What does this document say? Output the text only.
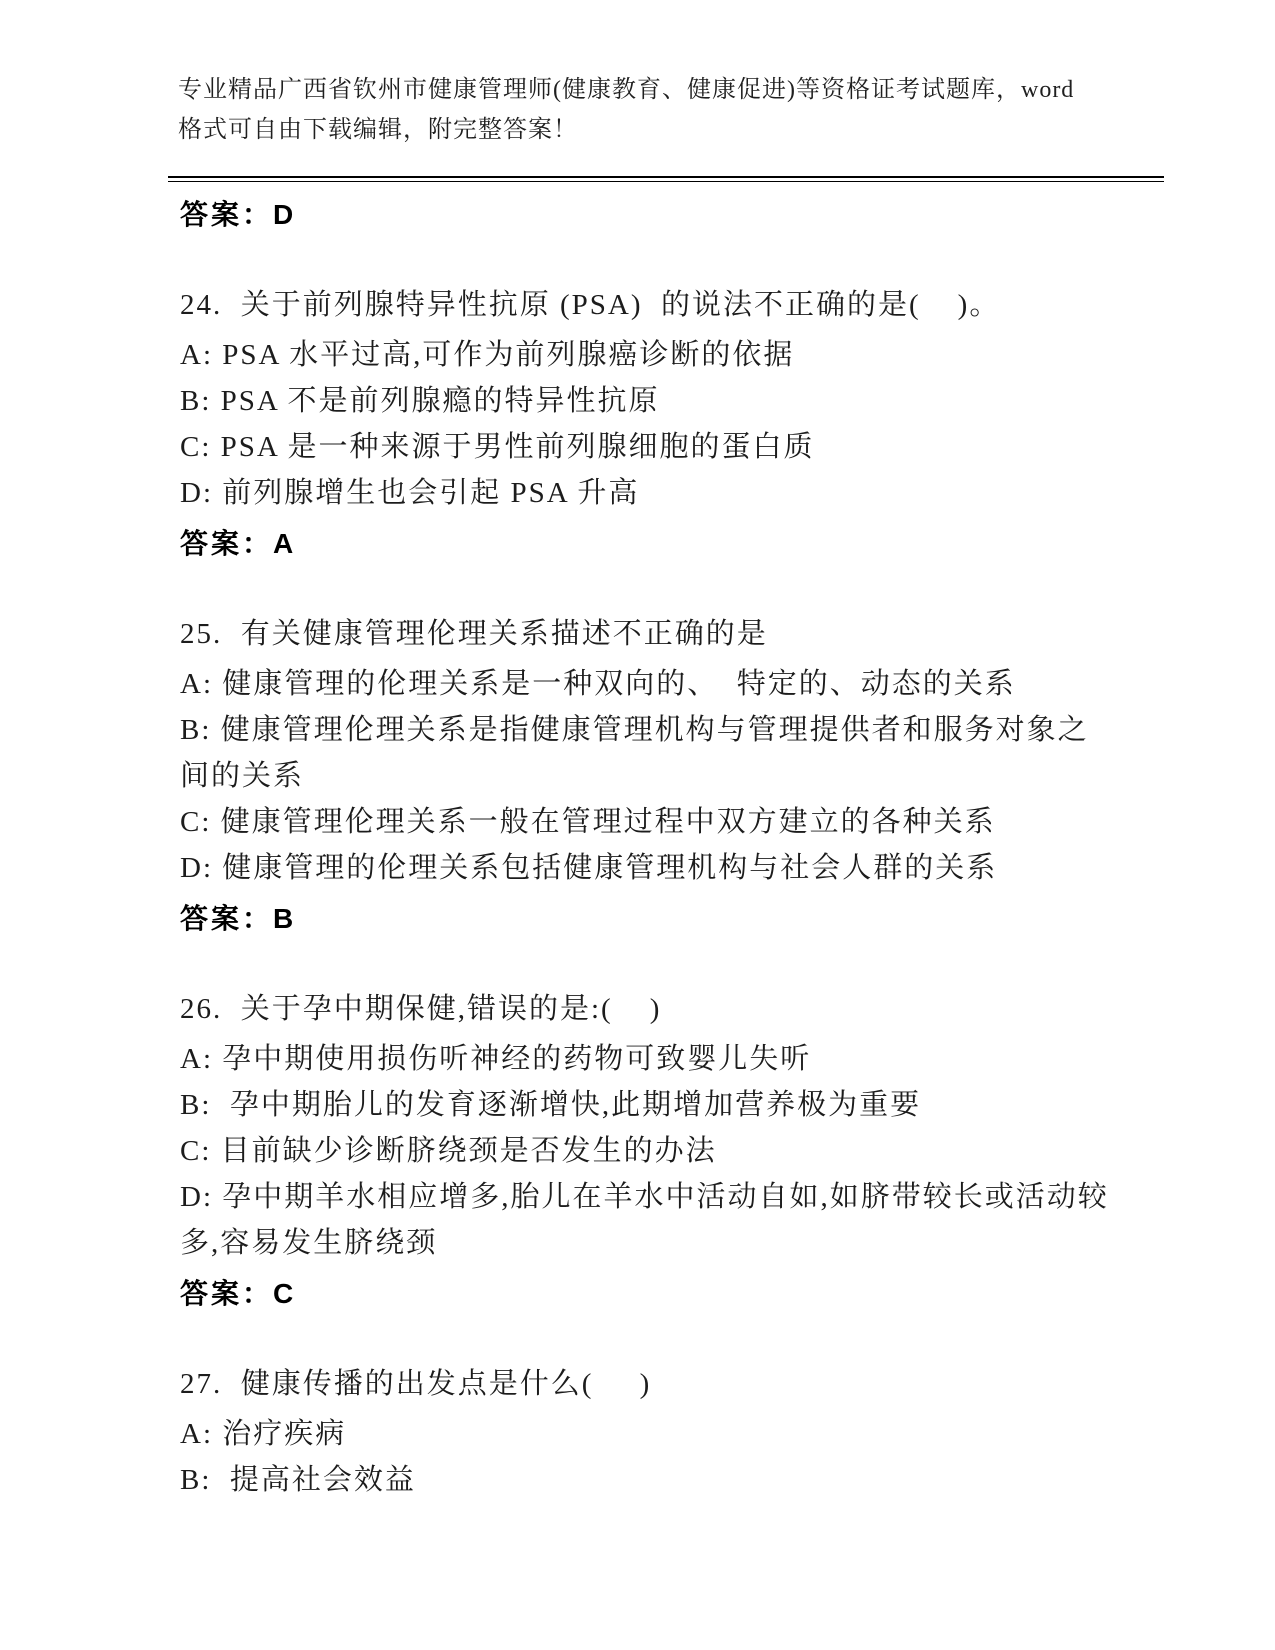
专业精品广西省钦州市健康管理师(健康教育、健康促进)等资格证考试题库，word

格式可自由下载编辑，附完整答案！

答案：D

24.  关于前列腺特异性抗原 (PSA)  的说法不正确的是(    )。

A: PSA 水平过高,可作为前列腺癌诊断的依据

B: PSA 不是前列腺瘾的特异性抗原

C: PSA 是一种来源于男性前列腺细胞的蛋白质

D: 前列腺增生也会引起 PSA 升高

答案：A

25.  有关健康管理伦理关系描述不正确的是

A: 健康管理的伦理关系是一种双向的、  特定的、动态的关系

B: 健康管理伦理关系是指健康管理机构与管理提供者和服务对象之间的关系

C: 健康管理伦理关系一般在管理过程中双方建立的各种关系

D: 健康管理的伦理关系包括健康管理机构与社会人群的关系

答案：B

26.  关于孕中期保健,错误的是:(    )

A: 孕中期使用损伤听神经的药物可致婴儿失听

B:  孕中期胎儿的发育逐渐增快,此期增加营养极为重要

C: 目前缺少诊断脐绕颈是否发生的办法

D: 孕中期羊水相应增多,胎儿在羊水中活动自如,如脐带较长或活动较多,容易发生脐绕颈

答案：C

27.  健康传播的出发点是什么(     )

A: 治疗疾病

B:  提高社会效益
